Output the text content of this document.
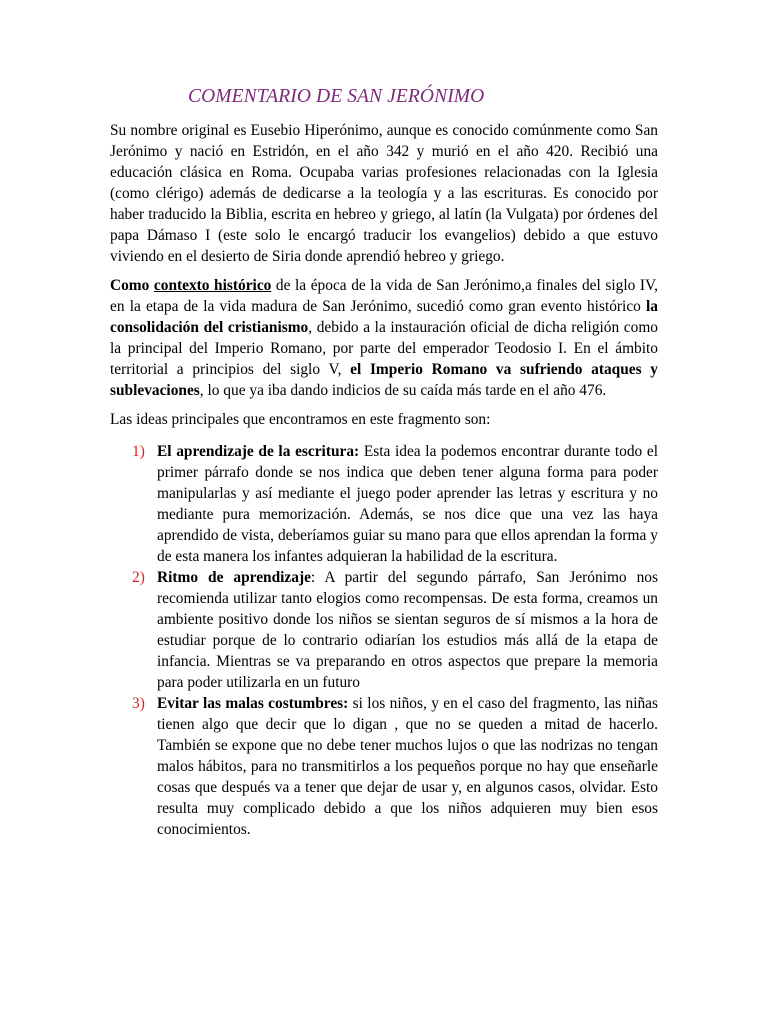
COMENTARIO DE SAN JERÓNIMO

Su nombre original es Eusebio Hiperónimo, aunque es conocido comúnmente como San Jerónimo y nació en Estridón, en el año 342 y murió en el año 420. Recibió una educación clásica en Roma. Ocupaba varias profesiones relacionadas con la Iglesia (como clérigo) además de dedicarse a la teología y a las escrituras. Es conocido por haber traducido la Biblia, escrita en hebreo y griego, al latín (la Vulgata) por órdenes del papa Dámaso I (este solo le encargó traducir los evangelios) debido a que estuvo viviendo en el desierto de Siria donde aprendió hebreo y griego.

Como contexto histórico de la época de la vida de San Jerónimo,a finales del siglo IV, en la etapa de la vida madura de San Jerónimo, sucedió como gran evento histórico la consolidación del cristianismo, debido a la instauración oficial de dicha religión como la principal del Imperio Romano, por parte del emperador Teodosio I. En el ámbito territorial a principios del siglo V, el Imperio Romano va sufriendo ataques y sublevaciones, lo que ya iba dando indicios de su caída más tarde en el año 476.

Las ideas principales que encontramos en este fragmento son:

1) El aprendizaje de la escritura: Esta idea la podemos encontrar durante todo el primer párrafo donde se nos indica que deben tener alguna forma para poder manipularlas y así mediante el juego poder aprender las letras y escritura y no mediante pura memorización. Además, se nos dice que una vez las haya aprendido de vista, deberíamos guiar su mano para que ellos aprendan la forma y de esta manera los infantes adquieran la habilidad de la escritura.
2) Ritmo de aprendizaje: A partir del segundo párrafo, San Jerónimo nos recomienda utilizar tanto elogios como recompensas. De esta forma, creamos un ambiente positivo donde los niños se sientan seguros de sí mismos a la hora de estudiar porque de lo contrario odiarían los estudios más allá de la etapa de infancia. Mientras se va preparando en otros aspectos que prepare la memoria para poder utilizarla en un futuro
3) Evitar las malas costumbres: si los niños, y en el caso del fragmento, las niñas tienen algo que decir que lo digan , que no se queden a mitad de hacerlo. También se expone que no debe tener muchos lujos o que las nodrizas no tengan malos hábitos, para no transmitirlos a los pequeños porque no hay que enseñarle cosas que después va a tener que dejar de usar y, en algunos casos, olvidar. Esto resulta muy complicado debido a que los niños adquieren muy bien esos conocimientos.
